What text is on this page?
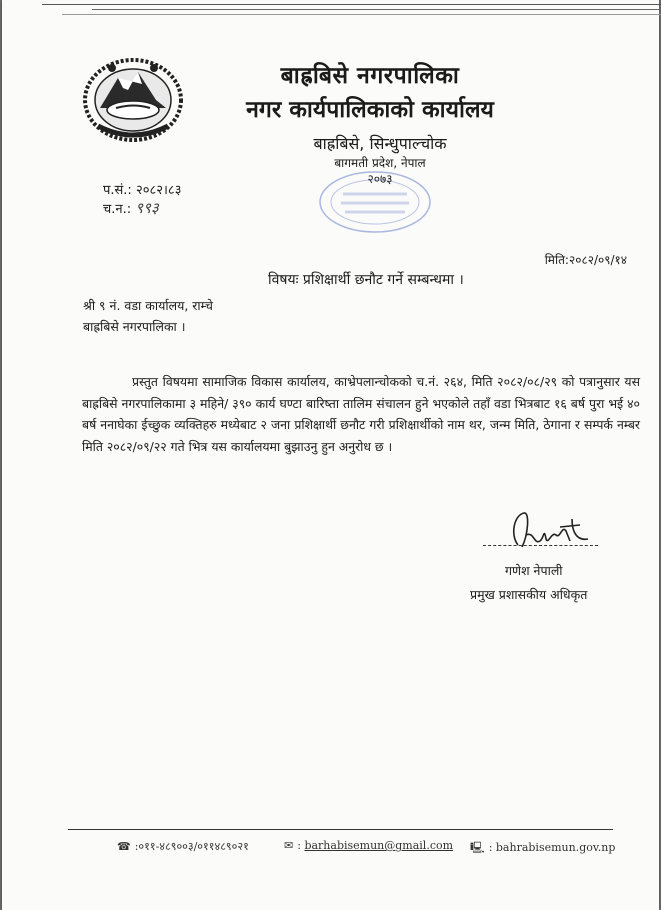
बाह्रबिसे नगरपालिका
नगर कार्यपालिकाको कार्यालय
बाह्रबिसे, सिन्धुपाल्चोक
बागमती प्रदेश, नेपाल
२०७३
प.सं.: २०८२।८३
च.न.: ९९३
मिति:२०८२/०९/१४
विषयः प्रशिक्षार्थी छनौट गर्ने सम्बन्धमा ।
श्री ९ नं. वडा कार्यालय, राम्चे
बाह्रबिसे नगरपालिका ।
प्रस्तुत विषयमा सामाजिक विकास कार्यालय, काभ्रेपलान्चोकको च.नं. २६४, मिति २०८२/०८/२९ को पत्रानुसार यस बाह्रबिसे नगरपालिकामा ३ महिने/ ३९० कार्य घण्टा बारिष्ता तालिम संचालन हुने भएकोले तहाँ वडा भित्रबाट १६ बर्ष पुरा भई ४० बर्ष ननाघेका ईच्छुक व्यक्तिहरु मध्येबाट २ जना प्रशिक्षार्थी छनौट गरी प्रशिक्षार्थीको नाम थर, जन्म मिति, ठेगाना र सम्पर्क नम्बर मिति २०८२/०९/२२ गते भित्र यस कार्यालयमा बुझाउनु हुन अनुरोध छ ।
गणेश नेपाली
प्रमुख प्रशासकीय अधिकृत
☎ :०११-४८९००३/०११४८९०२१	✉ : barhabisemun@gmail.com 🖳 : bahrabisemun.gov.np
